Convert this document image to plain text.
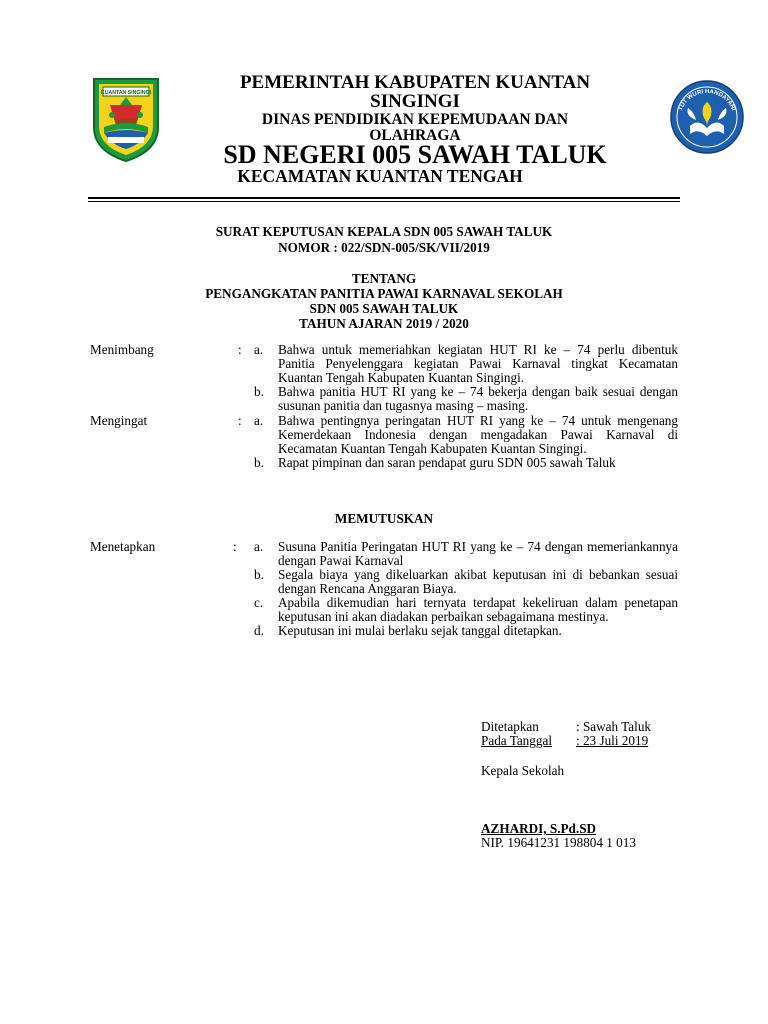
KUANTAN SINGINGI
TUT WURI HANDAYANI
PEMERINTAH KABUPATEN KUANTAN
SINGINGI
DINAS PENDIDIKAN KEPEMUDAAN DAN
OLAHRAGA
SD NEGERI 005 SAWAH TALUK
KECAMATAN KUANTAN TENGAH
SURAT KEPUTUSAN KEPALA SDN 005 SAWAH TALUK
NOMOR : 022/SDN-005/SK/VII/2019
TENTANG
PENGANGKATAN PANITIA PAWAI KARNAVAL SEKOLAH
SDN 005 SAWAH TALUK
TAHUN AJARAN 2019 / 2020
Menimbang	: a.	Bahwa untuk memeriahkan kegiatan HUT RI ke – 74 perlu dibentuk Panitia Penyelenggara kegiatan Pawai Karnaval tingkat Kecamatan Kuantan Tengah Kabupaten Kuantan Singingi.
b.	Bahwa panitia HUT RI yang ke – 74 bekerja dengan baik sesuai dengan susunan panitia dan tugasnya masing – masing.
Mengingat	: a.	Bahwa pentingnya peringatan HUT RI yang ke – 74 untuk mengenang Kemerdekaan Indonesia dengan mengadakan Pawai Karnaval di Kecamatan Kuantan Tengah Kabupaten Kuantan Singingi.
b.	Rapat pimpinan dan saran pendapat guru SDN 005 sawah Taluk
MEMUTUSKAN
Menetapkan	: a.	Susuna Panitia Peringatan HUT RI yang ke – 74 dengan memeriankannya dengan Pawai Karnaval
b.	Segala biaya yang dikeluarkan akibat keputusan ini di bebankan sesuai dengan Rencana Anggaran Biaya.
c.	Apabila dikemudian hari ternyata terdapat kekeliruan dalam penetapan keputusan ini akan diadakan perbaikan sebagaimana mestinya.
d.	Keputusan ini mulai berlaku sejak tanggal ditetapkan.
Ditetapkan	: Sawah Taluk
Pada Tanggal	: 23 Juli 2019
Kepala Sekolah
AZHARDI, S.Pd.SD
NIP. 19641231 198804 1 013
